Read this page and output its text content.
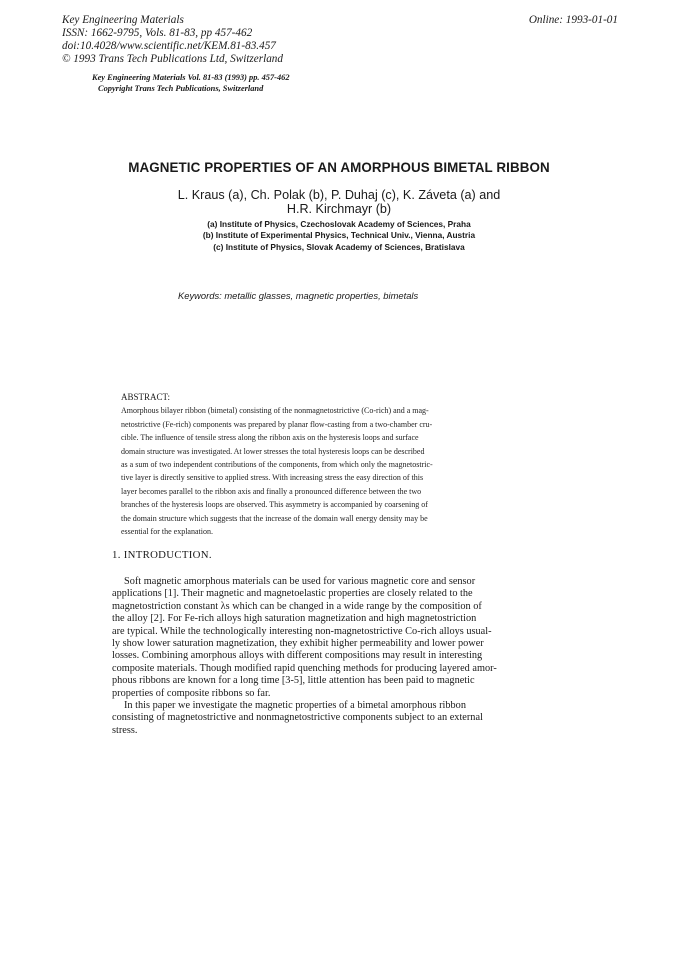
Key Engineering Materials
ISSN: 1662-9795, Vols. 81-83, pp 457-462
doi:10.4028/www.scientific.net/KEM.81-83.457
© 1993 Trans Tech Publications Ltd, Switzerland
Online: 1993-01-01
Key Engineering Materials Vol. 81-83 (1993) pp. 457-462
Copyright Trans Tech Publications, Switzerland
MAGNETIC PROPERTIES OF AN AMORPHOUS BIMETAL RIBBON
L. Kraus (a), Ch. Polak (b), P. Duhaj (c), K. Záveta (a) and
H.R. Kirchmayr (b)
(a) Institute of Physics, Czechoslovak Academy of Sciences, Praha
(b) Institute of Experimental Physics, Technical Univ., Vienna, Austria
(c) Institute of Physics, Slovak Academy of Sciences, Bratislava
Keywords: metallic glasses, magnetic properties, bimetals
ABSTRACT:
Amorphous bilayer ribbon (bimetal) consisting of the nonmagnetostrictive (Co-rich) and a mag-
netostrictive (Fe-rich) components was prepared by planar flow-casting from a two-chamber cru-
cible. The influence of tensile stress along the ribbon axis on the hysteresis loops and surface
domain structure was investigated. At lower stresses the total hysteresis loops can be described
as a sum of two independent contributions of the components, from which only the magnetostric-
tive layer is directly sensitive to applied stress. With increasing stress the easy direction of this
layer becomes parallel to the ribbon axis and finally a pronounced difference between the two
branches of the hysteresis loops are observed. This asymmetry is accompanied by coarsening of
the domain structure which suggests that the increase of the domain wall energy density may be
essential for the explanation.
1. INTRODUCTION.
Soft magnetic amorphous materials can be used for various magnetic core and sensor
applications [1]. Their magnetic and magnetoelastic properties are closely related to the
magnetostriction constant λs which can be changed in a wide range by the composition of
the alloy [2]. For Fe-rich alloys high saturation magnetization and high magnetostriction
are typical. While the technologically interesting non-magnetostrictive Co-rich alloys usual-
ly show lower saturation magnetization, they exhibit higher permeability and lower power
losses. Combining amorphous alloys with different compositions may result in interesting
composite materials. Though modified rapid quenching methods for producing layered amor-
phous ribbons are known for a long time [3-5], little attention has been paid to magnetic
properties of composite ribbons so far.
In this paper we investigate the magnetic properties of a bimetal amorphous ribbon
consisting of magnetostrictive and nonmagnetostrictive components subject to an external
stress.
